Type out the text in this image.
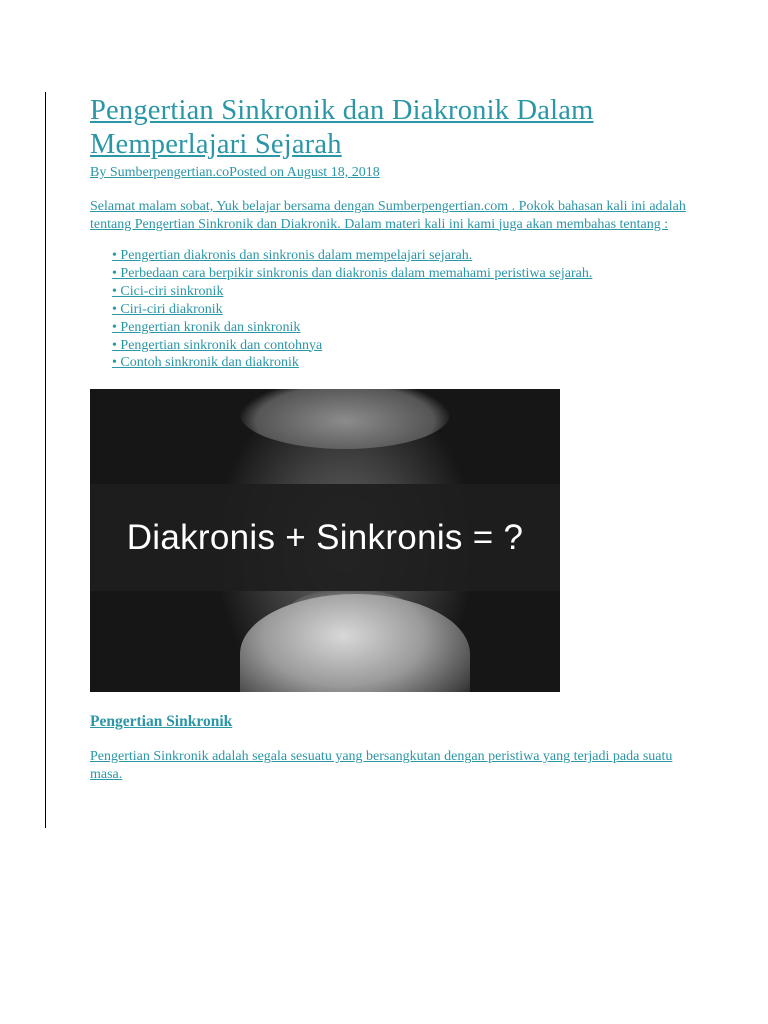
Pengertian Sinkronik dan Diakronik Dalam Memperlajari Sejarah
By Sumberpengertian.coPosted on August 18, 2018
Selamat malam sobat, Yuk belajar bersama dengan Sumberpengertian.com . Pokok bahasan kali ini adalah tentang Pengertian Sinkronik dan Diakronik. Dalam materi kali ini kami juga akan membahas tentang :
• Pengertian diakronis dan sinkronis dalam mempelajari sejarah.
• Perbedaan cara berpikir sinkronis dan diakronis dalam memahami peristiwa sejarah.
• Cici-ciri sinkronik
• Ciri-ciri diakronik
• Pengertian kronik dan sinkronik
• Pengertian sinkronik dan contohnya
• Contoh sinkronik dan diakronik
Diakronis + Sinkronis = ?
Pengertian Sinkronik
Pengertian Sinkronik adalah segala sesuatu yang bersangkutan dengan peristiwa yang terjadi pada suatu masa.
